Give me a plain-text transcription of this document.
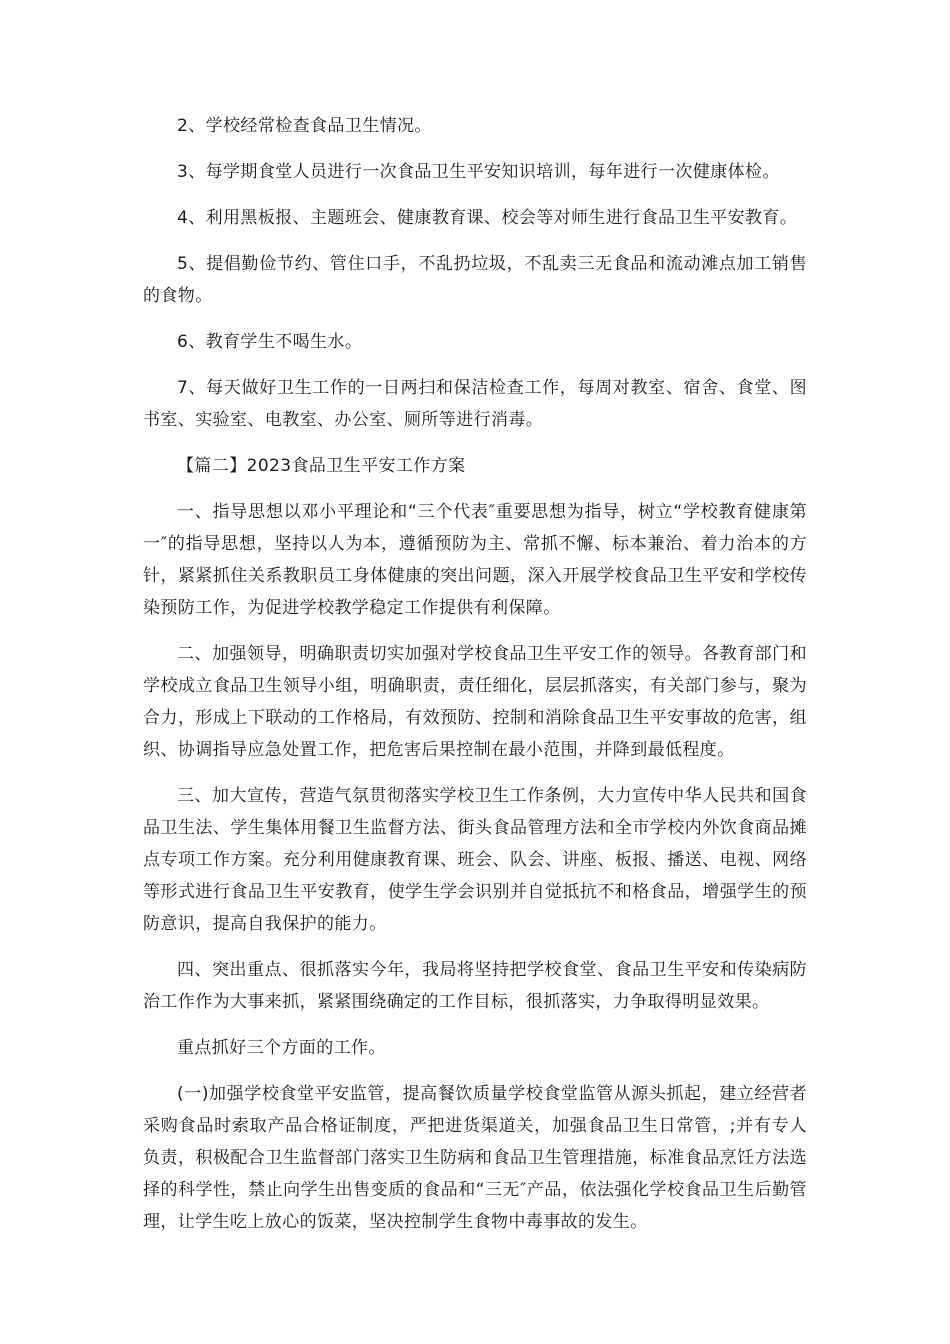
2、学校经常检查食品卫生情况。

3、每学期食堂人员进行一次食品卫生平安知识培训，每年进行一次健康体检。

4、利用黑板报、主题班会、健康教育课、校会等对师生进行食品卫生平安教育。

5、提倡勤俭节约、管住口手，不乱扔垃圾，不乱卖三无食品和流动滩点加工销售的食物。

6、教育学生不喝生水。

7、每天做好卫生工作的一日两扫和保洁检查工作，每周对教室、宿舍、食堂、图书室、实验室、电教室、办公室、厕所等进行消毒。

【篇二】2023食品卫生平安工作方案

一、指导思想以邓小平理论和“三个代表″重要思想为指导，树立“学校教育健康第一″的指导思想，坚持以人为本，遵循预防为主、常抓不懈、标本兼治、着力治本的方针，紧紧抓住关系教职员工身体健康的突出问题，深入开展学校食品卫生平安和学校传染预防工作，为促进学校教学稳定工作提供有利保障。

二、加强领导，明确职责切实加强对学校食品卫生平安工作的领导。各教育部门和学校成立食品卫生领导小组，明确职责，责任细化，层层抓落实，有关部门参与，聚为合力，形成上下联动的工作格局，有效预防、控制和消除食品卫生平安事故的危害，组织、协调指导应急处置工作，把危害后果控制在最小范围，并降到最低程度。

三、加大宣传，营造气氛贯彻落实学校卫生工作条例，大力宣传中华人民共和国食品卫生法、学生集体用餐卫生监督方法、街头食品管理方法和全市学校内外饮食商品摊点专项工作方案。充分利用健康教育课、班会、队会、讲座、板报、播送、电视、网络等形式进行食品卫生平安教育，使学生学会识别并自觉抵抗不和格食品，增强学生的预防意识，提高自我保护的能力。

四、突出重点、很抓落实今年，我局将坚持把学校食堂、食品卫生平安和传染病防治工作作为大事来抓，紧紧围绕确定的工作目标，很抓落实，力争取得明显效果。

重点抓好三个方面的工作。

(一)加强学校食堂平安监管，提高餐饮质量学校食堂监管从源头抓起，建立经营者采购食品时索取产品合格证制度，严把进货渠道关，加强食品卫生日常管，;并有专人负责，积极配合卫生监督部门落实卫生防病和食品卫生管理措施，标准食品烹饪方法选择的科学性，禁止向学生出售变质的食品和“三无″产品，依法强化学校食品卫生后勤管理，让学生吃上放心的饭菜，坚决控制学生食物中毒事故的发生。
